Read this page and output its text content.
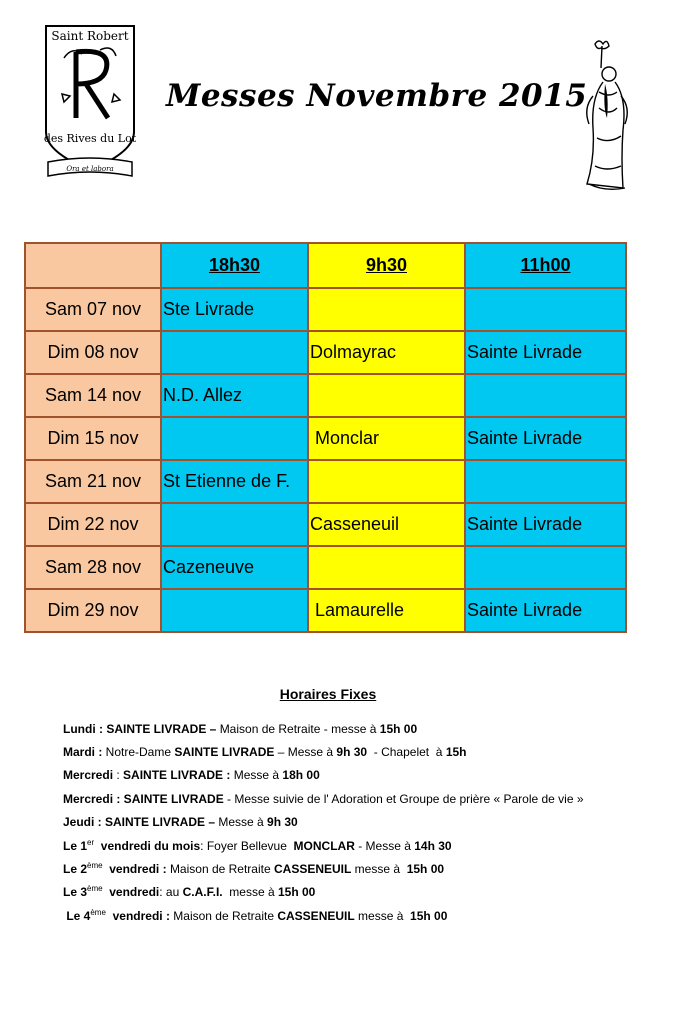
Saint Robert
des Rives du Lot
Ora et labora
Messes Novembre 2015
	18h30	9h30	11h00
Sam 07 nov	Ste Livrade		
Dim 08 nov		Dolmayrac	Sainte Livrade
Sam 14 nov	N.D. Allez		
Dim 15 nov		Monclar	Sainte Livrade
Sam 21 nov	St Etienne de F.		
Dim 22 nov		Casseneuil	Sainte Livrade
Sam 28 nov	Cazeneuve		
Dim 29 nov		Lamaurelle	Sainte Livrade
Horaires Fixes
Lundi : SAINTE LIVRADE – Maison de Retraite - messe à 15h 00
Mardi : Notre-Dame SAINTE LIVRADE – Messe à 9h 30  - Chapelet  à 15h
Mercredi : SAINTE LIVRADE : Messe à 18h 00
Mercredi : SAINTE LIVRADE - Messe suivie de l' Adoration et Groupe de prière « Parole de vie »
Jeudi : SAINTE LIVRADE – Messe à 9h 30
Le 1er  vendredi du mois: Foyer Bellevue  MONCLAR - Messe à 14h 30
Le 2ème  vendredi : Maison de Retraite CASSENEUIL messe à  15h 00
Le 3ème  vendredi: au C.A.F.I.  messe à 15h 00
Le 4ème  vendredi : Maison de Retraite CASSENEUIL messe à  15h 00
